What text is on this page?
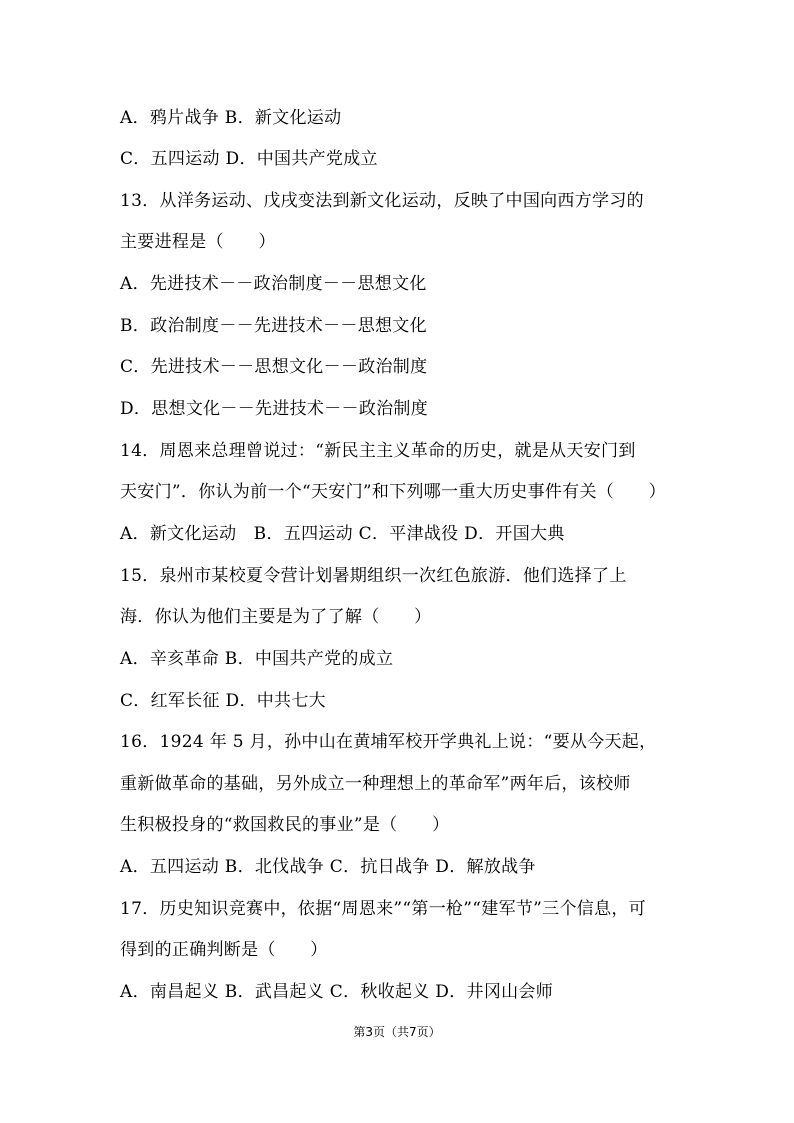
A．鸦片战争 B．新文化运动
C．五四运动 D．中国共产党成立
13．从洋务运动、戊戌变法到新文化运动，反映了中国向西方学习的
主要进程是（　　）
A．先进技术－－政治制度－－思想文化
B．政治制度－－先进技术－－思想文化
C．先进技术－－思想文化－－政治制度
D．思想文化－－先进技术－－政治制度
14．周恩来总理曾说过：“新民主主义革命的历史，就是从天安门到
天安门”．你认为前一个“天安门”和下列哪一重大历史事件有关（　　）
A．新文化运动　B．五四运动 C．平津战役 D．开国大典
15．泉州市某校夏令营计划暑期组织一次红色旅游．他们选择了上
海．你认为他们主要是为了了解（　　）
A．辛亥革命 B．中国共产党的成立
C．红军长征 D．中共七大
16．1924 年 5 月，孙中山在黄埔军校开学典礼上说：“要从今天起，
重新做革命的基础，另外成立一种理想上的革命军”两年后，该校师
生积极投身的“救国救民的事业”是（　　）
A．五四运动 B．北伐战争 C．抗日战争 D．解放战争
17．历史知识竞赛中，依据“周恩来”“第一枪”“建军节”三个信息，可
得到的正确判断是（　　）
A．南昌起义 B．武昌起义 C．秋收起义 D．井冈山会师
第3页（共7页）
